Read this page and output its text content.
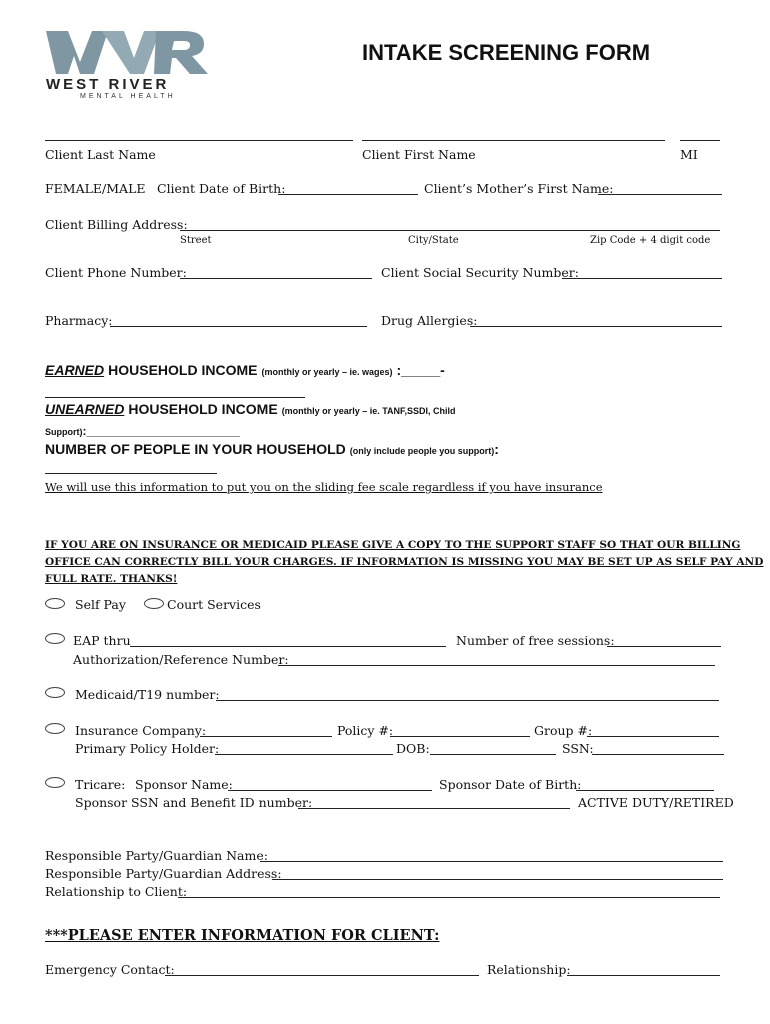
WEST RIVER
MENTAL HEALTH
INTAKE SCREENING FORM
Client Last Name	Client First Name	MI
FEMALE/MALE Client Date of Birth:	Client’s Mother’s First Name:
Client Billing Address:
Street	City/State	Zip Code + 4 digit code
Client Phone Number:	Client Social Security Number:
Pharmacy:	Drug Allergies:
EARNED HOUSEHOLD INCOME (monthly or yearly – ie. wages) :_____-
UNEARNED HOUSEHOLD INCOME (monthly or yearly – ie. TANF,SSDI, Child
Support):_______________________
NUMBER OF PEOPLE IN YOUR HOUSEHOLD (only include people you support):
We will use this information to put you on the sliding fee scale regardless if you have insurance
IF YOU ARE ON INSURANCE OR MEDICAID PLEASE GIVE A COPY TO THE SUPPORT STAFF SO THAT OUR BILLING
OFFICE CAN CORRECTLY BILL YOUR CHARGES. IF INFORMATION IS MISSING YOU MAY BE SET UP AS SELF PAY AND
FULL RATE. THANKS!
Self Pay	Court Services
EAP thru	Number of free sessions:
Authorization/Reference Number:
Medicaid/T19 number:
Insurance Company:	Policy #:	Group #:
Primary Policy Holder:	DOB:	SSN:
Tricare: Sponsor Name:	Sponsor Date of Birth:
Sponsor SSN and Benefit ID number:	ACTIVE DUTY/RETIRED
Responsible Party/Guardian Name:
Responsible Party/Guardian Address:
Relationship to Client:
***PLEASE ENTER INFORMATION FOR CLIENT:
Emergency Contact:	Relationship:
